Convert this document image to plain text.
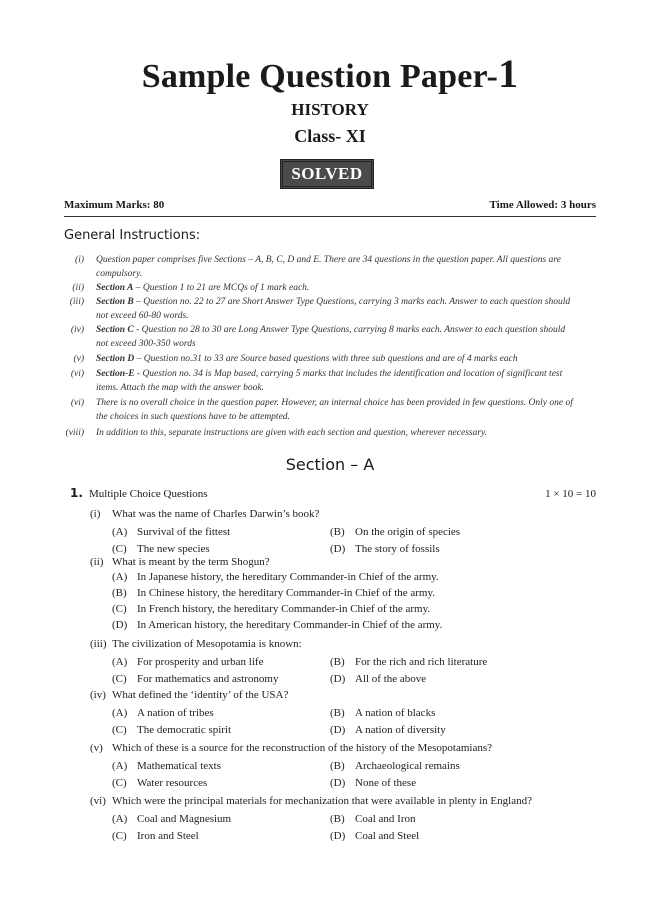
Sample Question Paper-1
HISTORY
Class- XI
SOLVED
Maximum Marks: 80	Time Allowed: 3 hours
General Instructions:
(i) Question paper comprises five Sections – A, B, C, D and E. There are 34 questions in the question paper. All questions are
compulsory.
(ii) Section A – Question 1 to 21 are MCQs of 1 mark each.
(iii) Section B – Question no. 22 to 27 are Short Answer Type Questions, carrying 3 marks each. Answer to each question should
not exceed 60-80 words.
(iv) Section C - Question no 28 to 30 are Long Answer Type Questions, carrying 8 marks each. Answer to each question should
not exceed 300-350 words
(v) Section D – Question no.31 to 33 are Source based questions with three sub questions and are of 4 marks each
(vi) Section-E - Question no. 34 is Map based, carrying 5 marks that includes the identification and location of significant test
items. Attach the map with the answer book.
(vi) There is no overall choice in the question paper. However, an internal choice has been provided in few questions. Only one of
the choices in such questions have to be attempted.
(viii) In addition to this, separate instructions are given with each section and question, wherever necessary.
Section – A
1. Multiple Choice Questions	1 × 10 = 10
(i) What was the name of Charles Darwin’s book?
(A) Survival of the fittest	(B) On the origin of species
(C) The new species	(D) The story of fossils
(ii) What is meant by the term Shogun?
(A) In Japanese history, the hereditary Commander-in Chief of the army.
(B) In Chinese history, the hereditary Commander-in Chief of the army.
(C) In French history, the hereditary Commander-in Chief of the army.
(D) In American history, the hereditary Commander-in Chief of the army.
(iii) The civilization of Mesopotamia is known:
(A) For prosperity and urban life	(B) For the rich and rich literature
(C) For mathematics and astronomy	(D) All of the above
(iv) What defined the ‘identity’ of the USA?
(A) A nation of tribes	(B) A nation of blacks
(C) The democratic spirit	(D) A nation of diversity
(v) Which of these is a source for the reconstruction of the history of the Mesopotamians?
(A) Mathematical texts	(B) Archaeological remains
(C) Water resources	(D) None of these
(vi) Which were the principal materials for mechanization that were available in plenty in England?
(A) Coal and Magnesium	(B) Coal and Iron
(C) Iron and Steel	(D) Coal and Steel
